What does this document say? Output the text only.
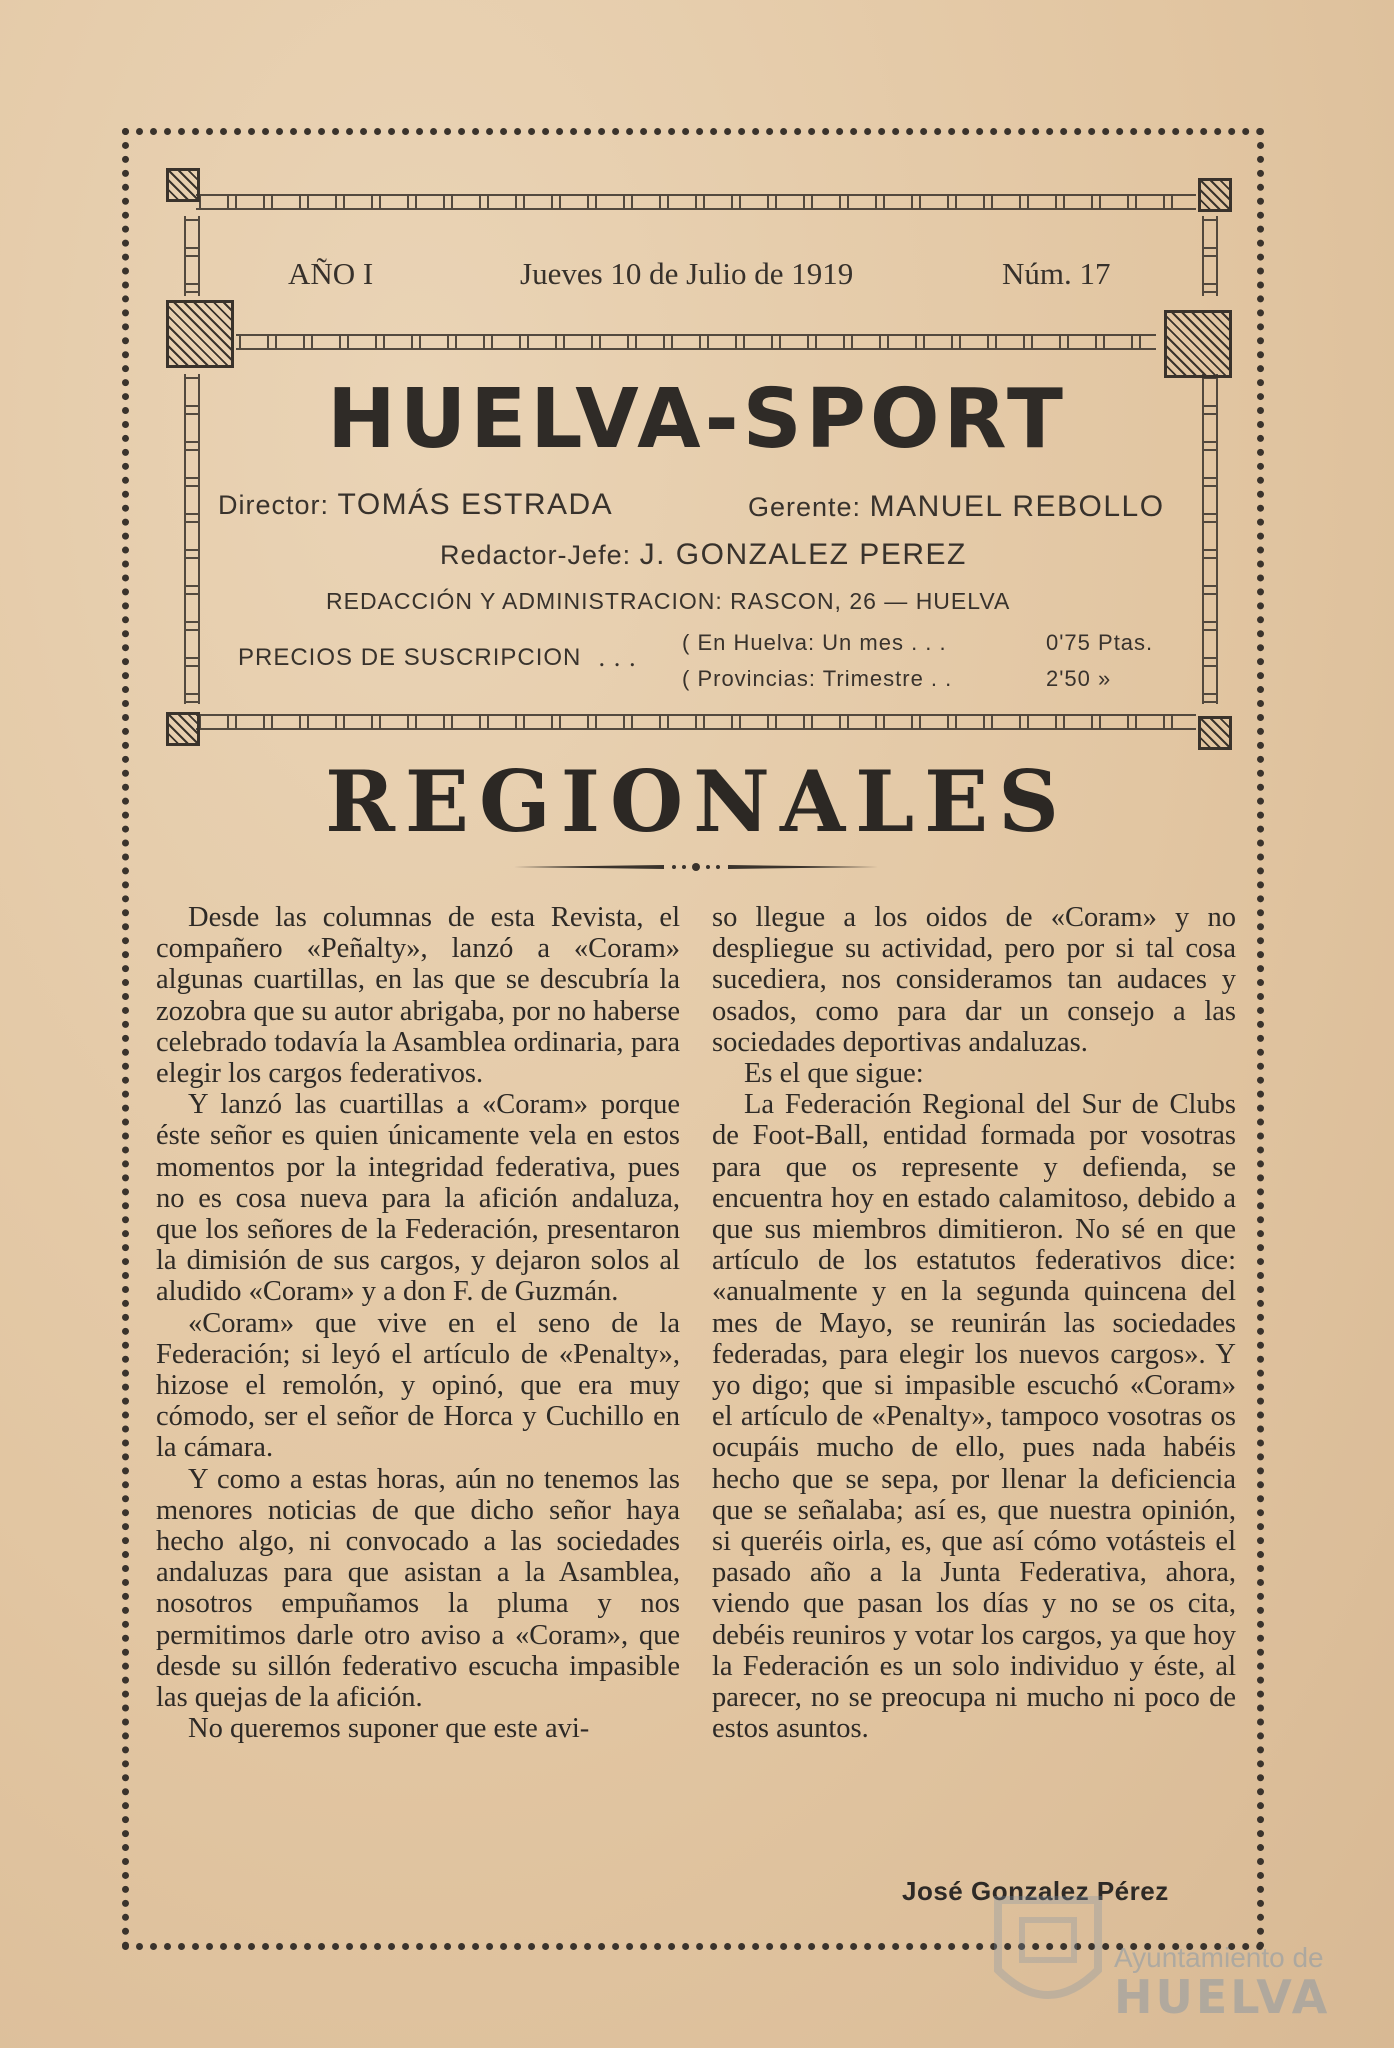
AÑO I	Jueves 10 de Julio de 1919	Núm. 17
HUELVA-SPORT
Director: TOMÁS ESTRADA	Gerente: MANUEL REBOLLO
Redactor-Jefe: J. GONZALEZ PEREZ
REDACCIÓN Y ADMINISTRACION: RASCON, 26 — HUELVA
PRECIOS DE SUSCRIPCION . . .
( En Huelva: Un mes . . .	0'75 Ptas.
( Provincias: Trimestre . .	2'50 »
REGIONALES

Desde las columnas de esta Revista, el compañero «Peñalty», lanzó a «Coram» algunas cuartillas, en las que se descubría la zozobra que su autor abrigaba, por no haberse celebrado todavía la Asamblea ordinaria, para elegir los cargos federativos.

Y lanzó las cuartillas a «Coram» porque éste señor es quien únicamente vela en estos momentos por la integridad federativa, pues no es cosa nueva para la afición andaluza, que los señores de la Federación, presentaron la dimisión de sus cargos, y dejaron solos al aludido «Coram» y a don F. de Guzmán.

«Coram» que vive en el seno de la Federación; si leyó el artículo de «Penalty», hizose el remolón, y opinó, que era muy cómodo, ser el señor de Horca y Cuchillo en la cámara.

Y como a estas horas, aún no tenemos las menores noticias de que dicho señor haya hecho algo, ni convocado a las sociedades andaluzas para que asistan a la Asamblea, nosotros empuñamos la pluma y nos permitimos darle otro aviso a «Coram», que desde su sillón federativo escucha impasible las quejas de la afición.

No queremos suponer que este avi-

so llegue a los oidos de «Coram» y no despliegue su actividad, pero por si tal cosa sucediera, nos consideramos tan audaces y osados, como para dar un consejo a las sociedades deportivas andaluzas.

Es el que sigue:

La Federación Regional del Sur de Clubs de Foot-Ball, entidad formada por vosotras para que os represente y defienda, se encuentra hoy en estado calamitoso, debido a que sus miembros dimitieron. No sé en que artículo de los estatutos federativos dice: «anualmente y en la segunda quincena del mes de Mayo, se reunirán las sociedades federadas, para elegir los nuevos cargos». Y yo digo; que si impasible escuchó «Coram» el artículo de «Penalty», tampoco vosotras os ocupáis mucho de ello, pues nada habéis hecho que se sepa, por llenar la deficiencia que se señalaba; así es, que nuestra opinión, si queréis oirla, es, que así cómo votásteis el pasado año a la Junta Federativa, ahora, viendo que pasan los días y no se os cita, debéis reuniros y votar los cargos, ya que hoy la Federación es un solo individuo y éste, al parecer, no se preocupa ni mucho ni poco de estos asuntos.

José Gonzalez Pérez
Ayuntamiento de
HUELVA
